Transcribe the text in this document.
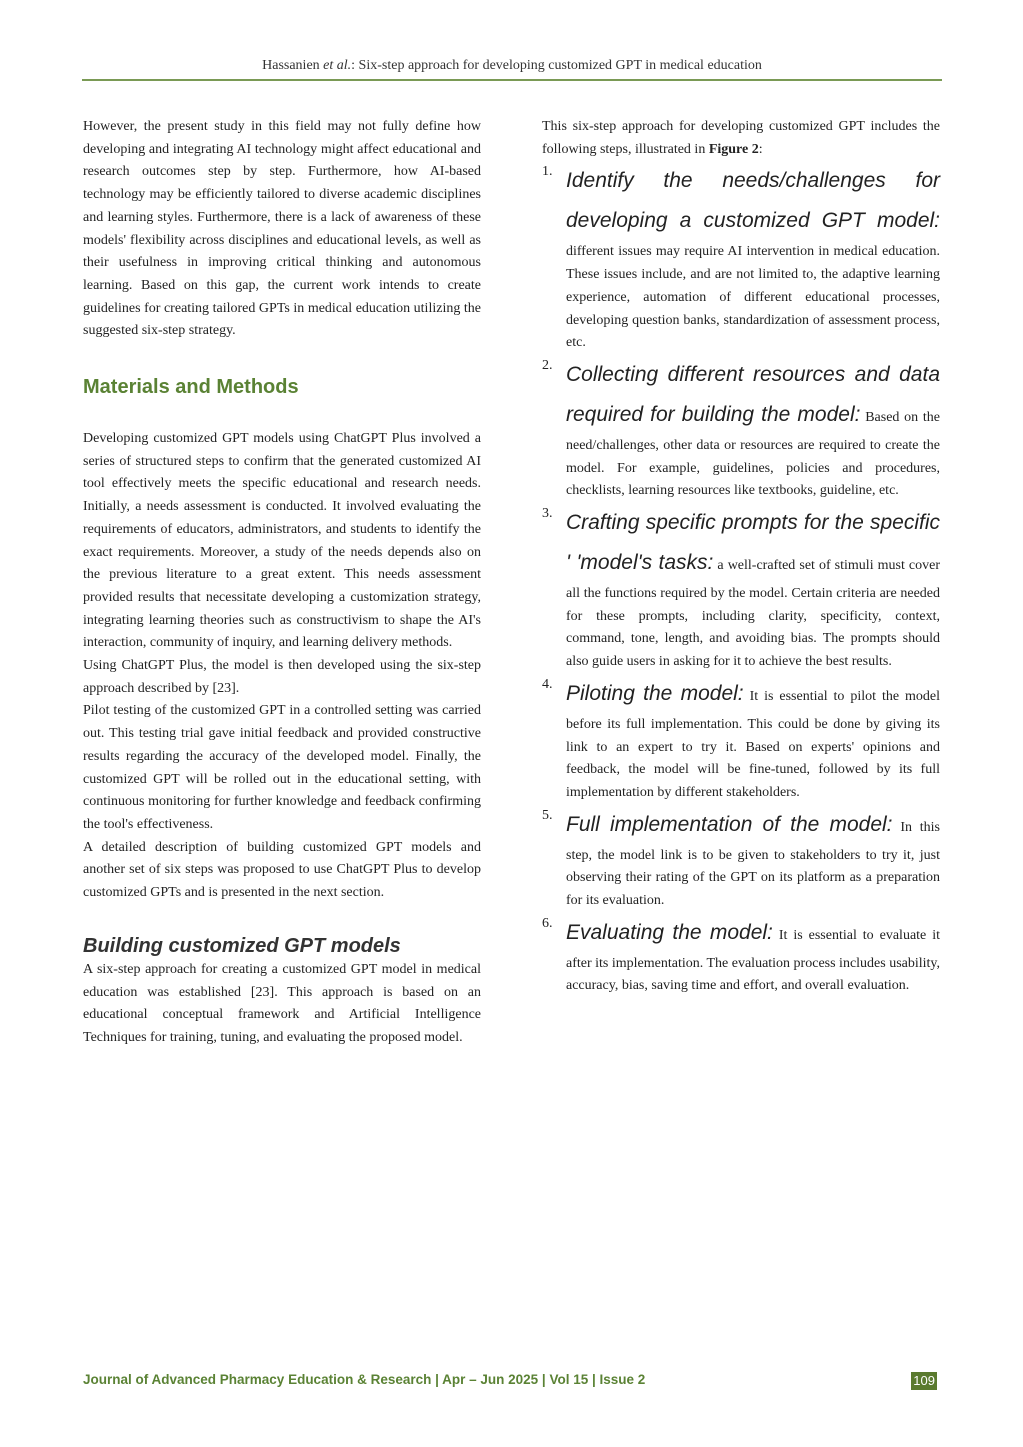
Hassanien et al.: Six-step approach for developing customized GPT in medical education

However, the present study in this field may not fully define how developing and integrating AI technology might affect educational and research outcomes step by step. Furthermore, how AI-based technology may be efficiently tailored to diverse academic disciplines and learning styles. Furthermore, there is a lack of awareness of these models' flexibility across disciplines and educational levels, as well as their usefulness in improving critical thinking and autonomous learning. Based on this gap, the current work intends to create guidelines for creating tailored GPTs in medical education utilizing the suggested six-step strategy.

Materials and Methods

Developing customized GPT models using ChatGPT Plus involved a series of structured steps to confirm that the generated customized AI tool effectively meets the specific educational and research needs. Initially, a needs assessment is conducted. It involved evaluating the requirements of educators, administrators, and students to identify the exact requirements. Moreover, a study of the needs depends also on the previous literature to a great extent. This needs assessment provided results that necessitate developing a customization strategy, integrating learning theories such as constructivism to shape the AI's interaction, community of inquiry, and learning delivery methods.

Using ChatGPT Plus, the model is then developed using the six-step approach described by [23].

Pilot testing of the customized GPT in a controlled setting was carried out. This testing trial gave initial feedback and provided constructive results regarding the accuracy of the developed model. Finally, the customized GPT will be rolled out in the educational setting, with continuous monitoring for further knowledge and feedback confirming the tool's effectiveness.

A detailed description of building customized GPT models and another set of six steps was proposed to use ChatGPT Plus to develop customized GPTs and is presented in the next section.

Building customized GPT models

A six-step approach for creating a customized GPT model in medical education was established [23]. This approach is based on an educational conceptual framework and Artificial Intelligence Techniques for training, tuning, and evaluating the proposed model.

This six-step approach for developing customized GPT includes the following steps, illustrated in Figure 2:

1. Identify the needs/challenges for developing a customized GPT model: different issues may require AI intervention in medical education. These issues include, and are not limited to, the adaptive learning experience, automation of different educational processes, developing question banks, standardization of assessment process, etc.
2. Collecting different resources and data required for building the model: Based on the need/challenges, other data or resources are required to create the model. For example, guidelines, policies and procedures, checklists, learning resources like textbooks, guideline, etc.
3. Crafting specific prompts for the specific ' 'model's tasks: a well-crafted set of stimuli must cover all the functions required by the model. Certain criteria are needed for these prompts, including clarity, specificity, context, command, tone, length, and avoiding bias. The prompts should also guide users in asking for it to achieve the best results.
4. Piloting the model: It is essential to pilot the model before its full implementation. This could be done by giving its link to an expert to try it. Based on experts' opinions and feedback, the model will be fine-tuned, followed by its full implementation by different stakeholders.
5. Full implementation of the model: In this step, the model link is to be given to stakeholders to try it, just observing their rating of the GPT on its platform as a preparation for its evaluation.
6. Evaluating the model: It is essential to evaluate it after its implementation. The evaluation process includes usability, accuracy, bias, saving time and effort, and overall evaluation.
Journal of Advanced Pharmacy Education & Research | Apr – Jun 2025 | Vol 15 | Issue 2	109
